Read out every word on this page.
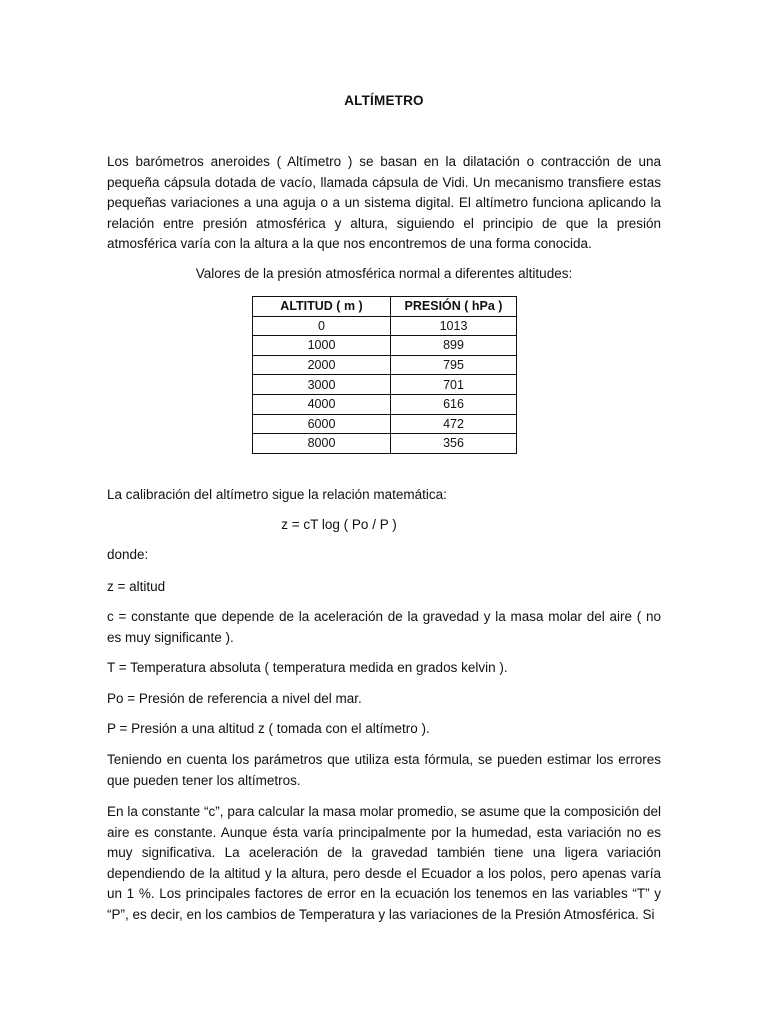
ALTÍMETRO

Los barómetros aneroides ( Altímetro ) se basan en la dilatación o contracción de una pequeña cápsula dotada de vacío, llamada cápsula de Vidi. Un mecanismo transfiere estas pequeñas variaciones a una aguja o a un sistema digital. El altímetro funciona aplicando la relación entre presión atmosférica y altura, siguiendo el principio de que la presión atmosférica varía con la altura a la que nos encontremos de una forma conocida.

Valores de la presión atmosférica normal a diferentes altitudes:
ALTITUD ( m )	PRESIÓN ( hPa )
0	1013
1000	899
2000	795
3000	701
4000	616
6000	472
8000	356

La calibración del altímetro sigue la relación matemática:

z = cT log ( Po / P )

donde:

z = altitud

c = constante que depende de la aceleración de la gravedad y la masa molar del aire ( no es muy significante ).

T = Temperatura absoluta ( temperatura medida en grados kelvin ).

Po = Presión de referencia a nivel del mar.

P = Presión a una altitud z ( tomada con el altímetro ).

Teniendo en cuenta los parámetros que utiliza esta fórmula, se pueden estimar los errores que pueden tener los altímetros.

En la constante “c”, para calcular la masa molar promedio, se asume que la composición del aire es constante. Aunque ésta varía principalmente por la humedad, esta variación no es muy significativa. La aceleración de la gravedad también tiene una ligera variación dependiendo de la altitud y la altura, pero desde el Ecuador a los polos, pero apenas varía un 1 %. Los principales factores de error en la ecuación los tenemos en las variables “T” y “P”, es decir, en los cambios de Temperatura y las variaciones de la Presión Atmosférica. Si
